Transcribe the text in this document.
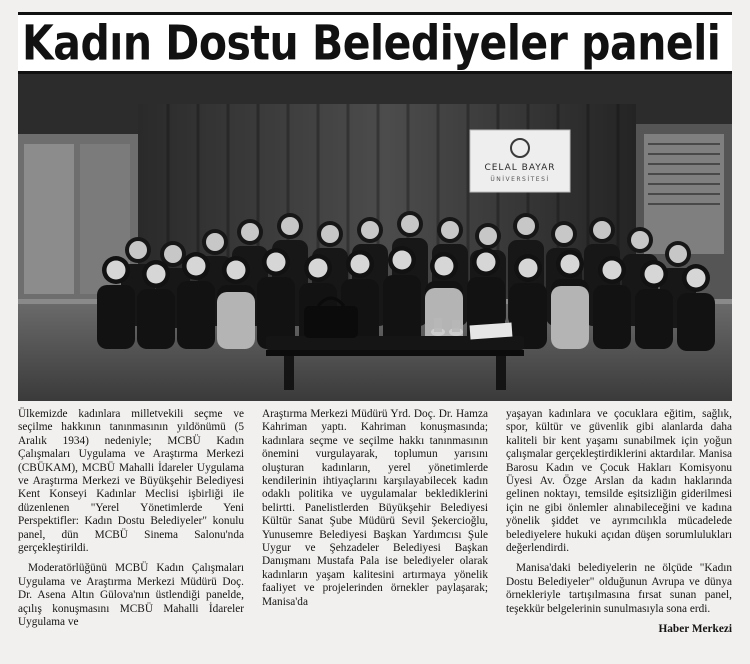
Kadın Dostu Belediyeler paneli
CELAL BAYAR
ÜNİVERSİTESİ

Ülkemizde kadınlara milletvekili seçme ve seçilme hakkının tanınmasının yıldönümü (5 Aralık 1934) nedeniyle; MCBÜ Kadın Çalışmaları Uygulama ve Araştırma Merkezi (CBÜKAM), MCBÜ Mahalli İdareler Uygulama ve Araştırma Merkezi ve Büyükşehir Belediyesi Kent Konseyi Kadınlar Meclisi işbirliği ile düzenlenen "Yerel Yönetimlerde Yeni Perspektifler: Kadın Dostu Belediyeler" konulu panel, dün MCBÜ Sinema Salonu'nda gerçekleştirildi.

Moderatörlüğünü MCBÜ Kadın Çalışmaları Uygulama ve Araştırma Merkezi Müdürü Doç. Dr. Asena Altın Gülova'nın üstlendiği panelde, açılış konuşmasını MCBÜ Mahalli İdareler Uygulama ve

Araştırma Merkezi Müdürü Yrd. Doç. Dr. Hamza Kahriman yaptı. Kahriman konuşmasında; kadınlara seçme ve seçilme hakkı tanınmasının önemini vurgulayarak, toplumun yarısını oluşturan kadınların, yerel yönetimlerde kendilerinin ihtiyaçlarını karşılayabilecek kadın odaklı politika ve uygulamalar beklediklerini belirtti. Panelistlerden Büyükşehir Belediyesi Kültür Sanat Şube Müdürü Sevil Şekercioğlu, Yunusemre Belediyesi Başkan Yardımcısı Şule Uygur ve Şehzadeler Belediyesi Başkan Danışmanı Mustafa Pala ise belediyeler olarak kadınların yaşam kalitesini artırmaya yönelik faaliyet ve projelerinden örnekler paylaşarak; Manisa'da

yaşayan kadınlara ve çocuklara eğitim, sağlık, spor, kültür ve güvenlik gibi alanlarda daha kaliteli bir kent yaşamı sunabilmek için yoğun çalışmalar gerçekleştirdiklerini aktardılar. Manisa Barosu Kadın ve Çocuk Hakları Komisyonu Üyesi Av. Özge Arslan da kadın haklarında gelinen noktayı, temsilde eşitsizliğin giderilmesi için ne gibi önlemler alınabileceğini ve kadına yönelik şiddet ve ayrımcılıkla mücadelede belediyelere hukuki açıdan düşen sorumlulukları değerlendirdi.

Manisa'daki belediyelerin ne ölçüde "Kadın Dostu Belediyeler" olduğunun Avrupa ve dünya örnekleriyle tartışılmasına fırsat sunan panel, teşekkür belgelerinin sunulmasıyla sona erdi.

Haber Merkezi
